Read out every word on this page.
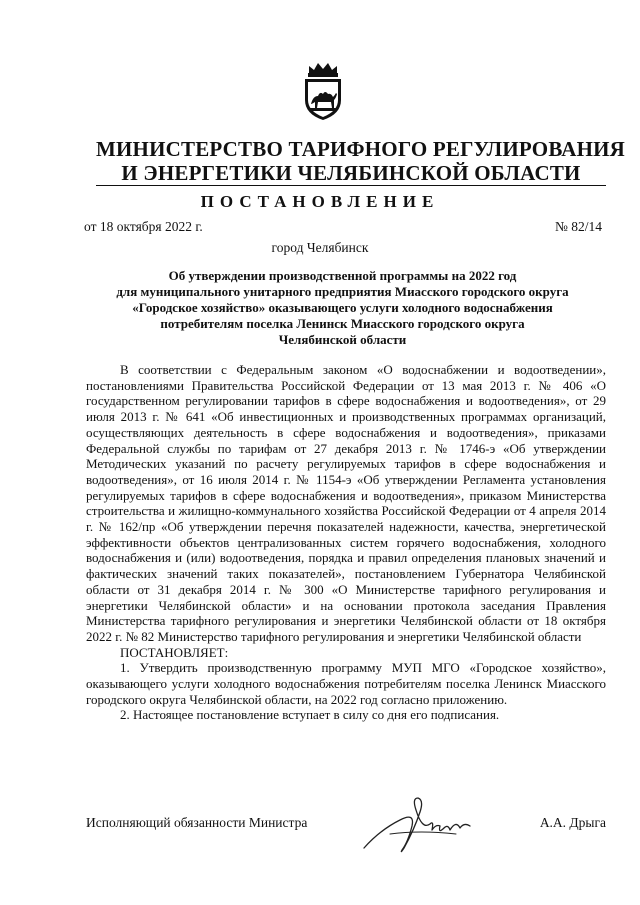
МИНИСТЕРСТВО ТАРИФНОГО РЕГУЛИРОВАНИЯ
И ЭНЕРГЕТИКИ ЧЕЛЯБИНСКОЙ ОБЛАСТИ
ПОСТАНОВЛЕНИЕ
от 18 октября 2022 г.	№ 82/14
город Челябинск
Об утверждении производственной программы на 2022 год
для муниципального унитарного предприятия Миасского городского округа
«Городское хозяйство» оказывающего услуги холодного водоснабжения
потребителям поселка Ленинск Миасского городского округа
Челябинской области

В соответствии с Федеральным законом «О водоснабжении и водоотведении», постановлениями Правительства Российской Федерации от 13 мая 2013 г. № 406 «О государственном регулировании тарифов в сфере водоснабжения и водоотведения», от 29 июля 2013 г. № 641 «Об инвестиционных и производственных программах организаций, осуществляющих деятельность в сфере водоснабжения и водоотведения», приказами Федеральной службы по тарифам от 27 декабря 2013 г. № 1746-э «Об утверждении Методических указаний по расчету регулируемых тарифов в сфере водоснабжения и водоотведения», от 16 июля 2014 г. № 1154-э «Об утверждении Регламента установления регулируемых тарифов в сфере водоснабжения и водоотведения», приказом Министерства строительства и жилищно-коммунального хозяйства Российской Федерации от 4 апреля 2014 г. № 162/пр «Об утверждении перечня показателей надежности, качества, энергетической эффективности объектов централизованных систем горячего водоснабжения, холодного водоснабжения и (или) водоотведения, порядка и правил определения плановых значений и фактических значений таких показателей», постановлением Губернатора Челябинской области от 31 декабря 2014 г. № 300 «О Министерстве тарифного регулирования и энергетики Челябинской области» и на основании протокола заседания Правления Министерства тарифного регулирования и энергетики Челябинской области от 18 октября 2022 г. № 82 Министерство тарифного регулирования и энергетики Челябинской области

ПОСТАНОВЛЯЕТ:

1. Утвердить производственную программу МУП МГО «Городское хозяйство», оказывающего услуги холодного водоснабжения потребителям поселка Ленинск Миасского городского округа Челябинской области, на 2022 год согласно приложению.

2. Настоящее постановление вступает в силу со дня его подписания.

Исполняющий обязанности Министра	А.А. Дрыга
